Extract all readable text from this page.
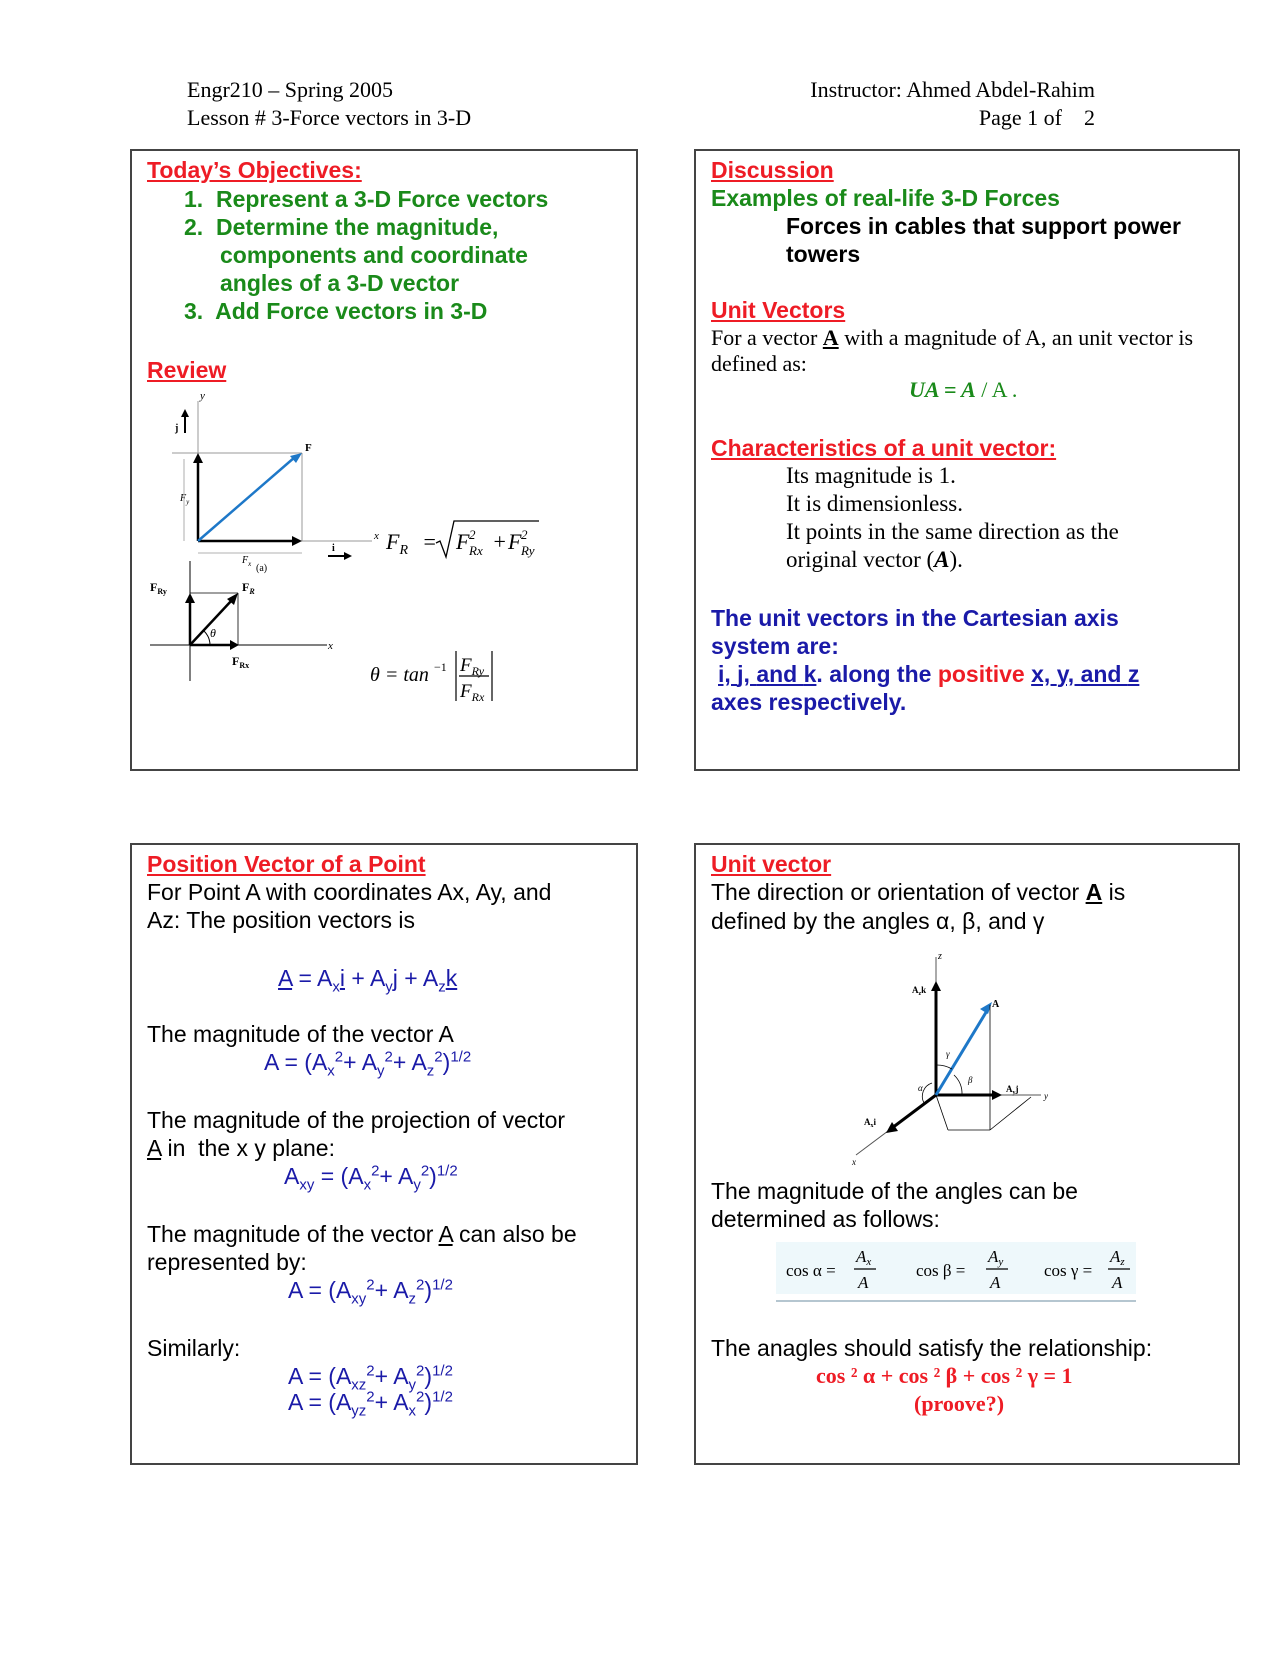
Engr210 – Spring 2005
Lesson # 3-Force vectors in 3-D
Instructor: Ahmed Abdel-Rahim
Page 1 of    2
Today’s Objectives:
1. Represent a 3-D Force vectors
2. Determine the magnitude,
components and coordinate
angles of a 3-D vector
3. Add Force vectors in 3-D
Review
y
j
F
$F_y$
$F_x$
x
i
(a)
$F_R = F$ 2
Rx +
F 2
Ry
$F_{Ry}$	$F_R$
θ
$F_{Rx}$
x
θ = tan −1 $F_{Ry}$
$F_{Rx}$
Discussion
Examples of real-life 3-D Forces
Forces in cables that support power
towers
Unit Vectors
For a vector A with a magnitude of A, an unit vector is
defined as:
UA = A / A .
Characteristics of a unit vector:
Its magnitude is 1.
It is dimensionless.
It points in the same direction as the
original vector (A).
The unit vectors in the Cartesian axis
system are:
i, j, and k. along the positive x, y, and z
axes respectively.
Position Vector of a Point
For Point A with coordinates Ax, Ay, and
Az: The position vectors is
$A = A_xi + A_yj + A_zk$
The magnitude of the vector A
$A = (A_x^2+ A_y^2+ A_z^2)^{1/2}$
The magnitude of the projection of vector
A in  the x y plane:
$A_{xy} = (A_x^2+ A_y^2)^{1/2}$
The magnitude of the vector A can also be
represented by:
$A = (A_{xy}^2+ A_z^2)^{1/2}$
Similarly:
$A = (A_{xz}^2+ A_y^2)^{1/2}$
$A = (A_{yz}^2+ A_x^2)^{1/2}$
Unit vector
The direction or orientation of vector A is
defined by the angles α, β, and γ
z
$A_zk$
$A_yj$
y
$A_xi$
x
A
γ
β
α
The magnitude of the angles can be
determined as follows:
cos α =
Ax
A
cos β =
Ay
A
cos γ =
Az
A
The anagles should satisfy the relationship:
cos ² α + cos ² β + cos ² γ = 1
(proove?)
